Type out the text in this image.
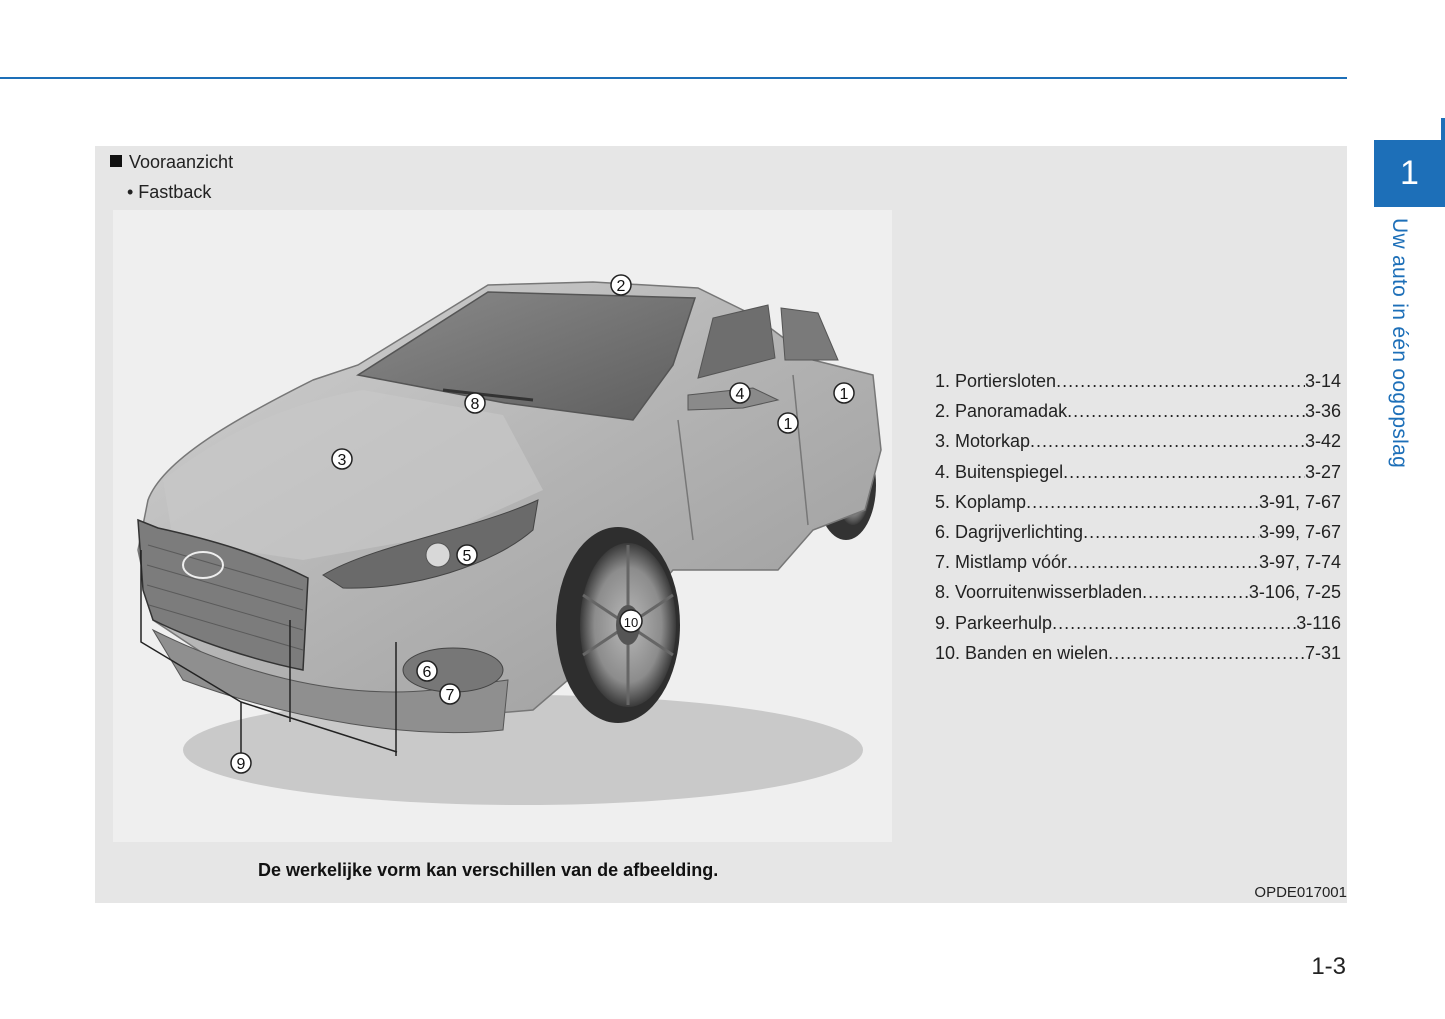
1
Uw auto in één oogopslag
Vooraanzicht
• Fastback
2
8
4	1
1
3
5
10
6
7
9
1. Portiersloten .....	3-14
2. Panoramadak .....	3-36
3. Motorkap .....	3-42
4. Buitenspiegel .....	3-27
5. Koplamp .....	3-91, 7-67
6. Dagrijverlichting .....	3-99, 7-67
7. Mistlamp vóór .....	3-97, 7-74
8. Voorruitenwisserbladen .....	3-106, 7-25
9. Parkeerhulp .....	3-116
10. Banden en wielen .....	7-31
De werkelijke vorm kan verschillen van de afbeelding.
OPDE017001
1-3
